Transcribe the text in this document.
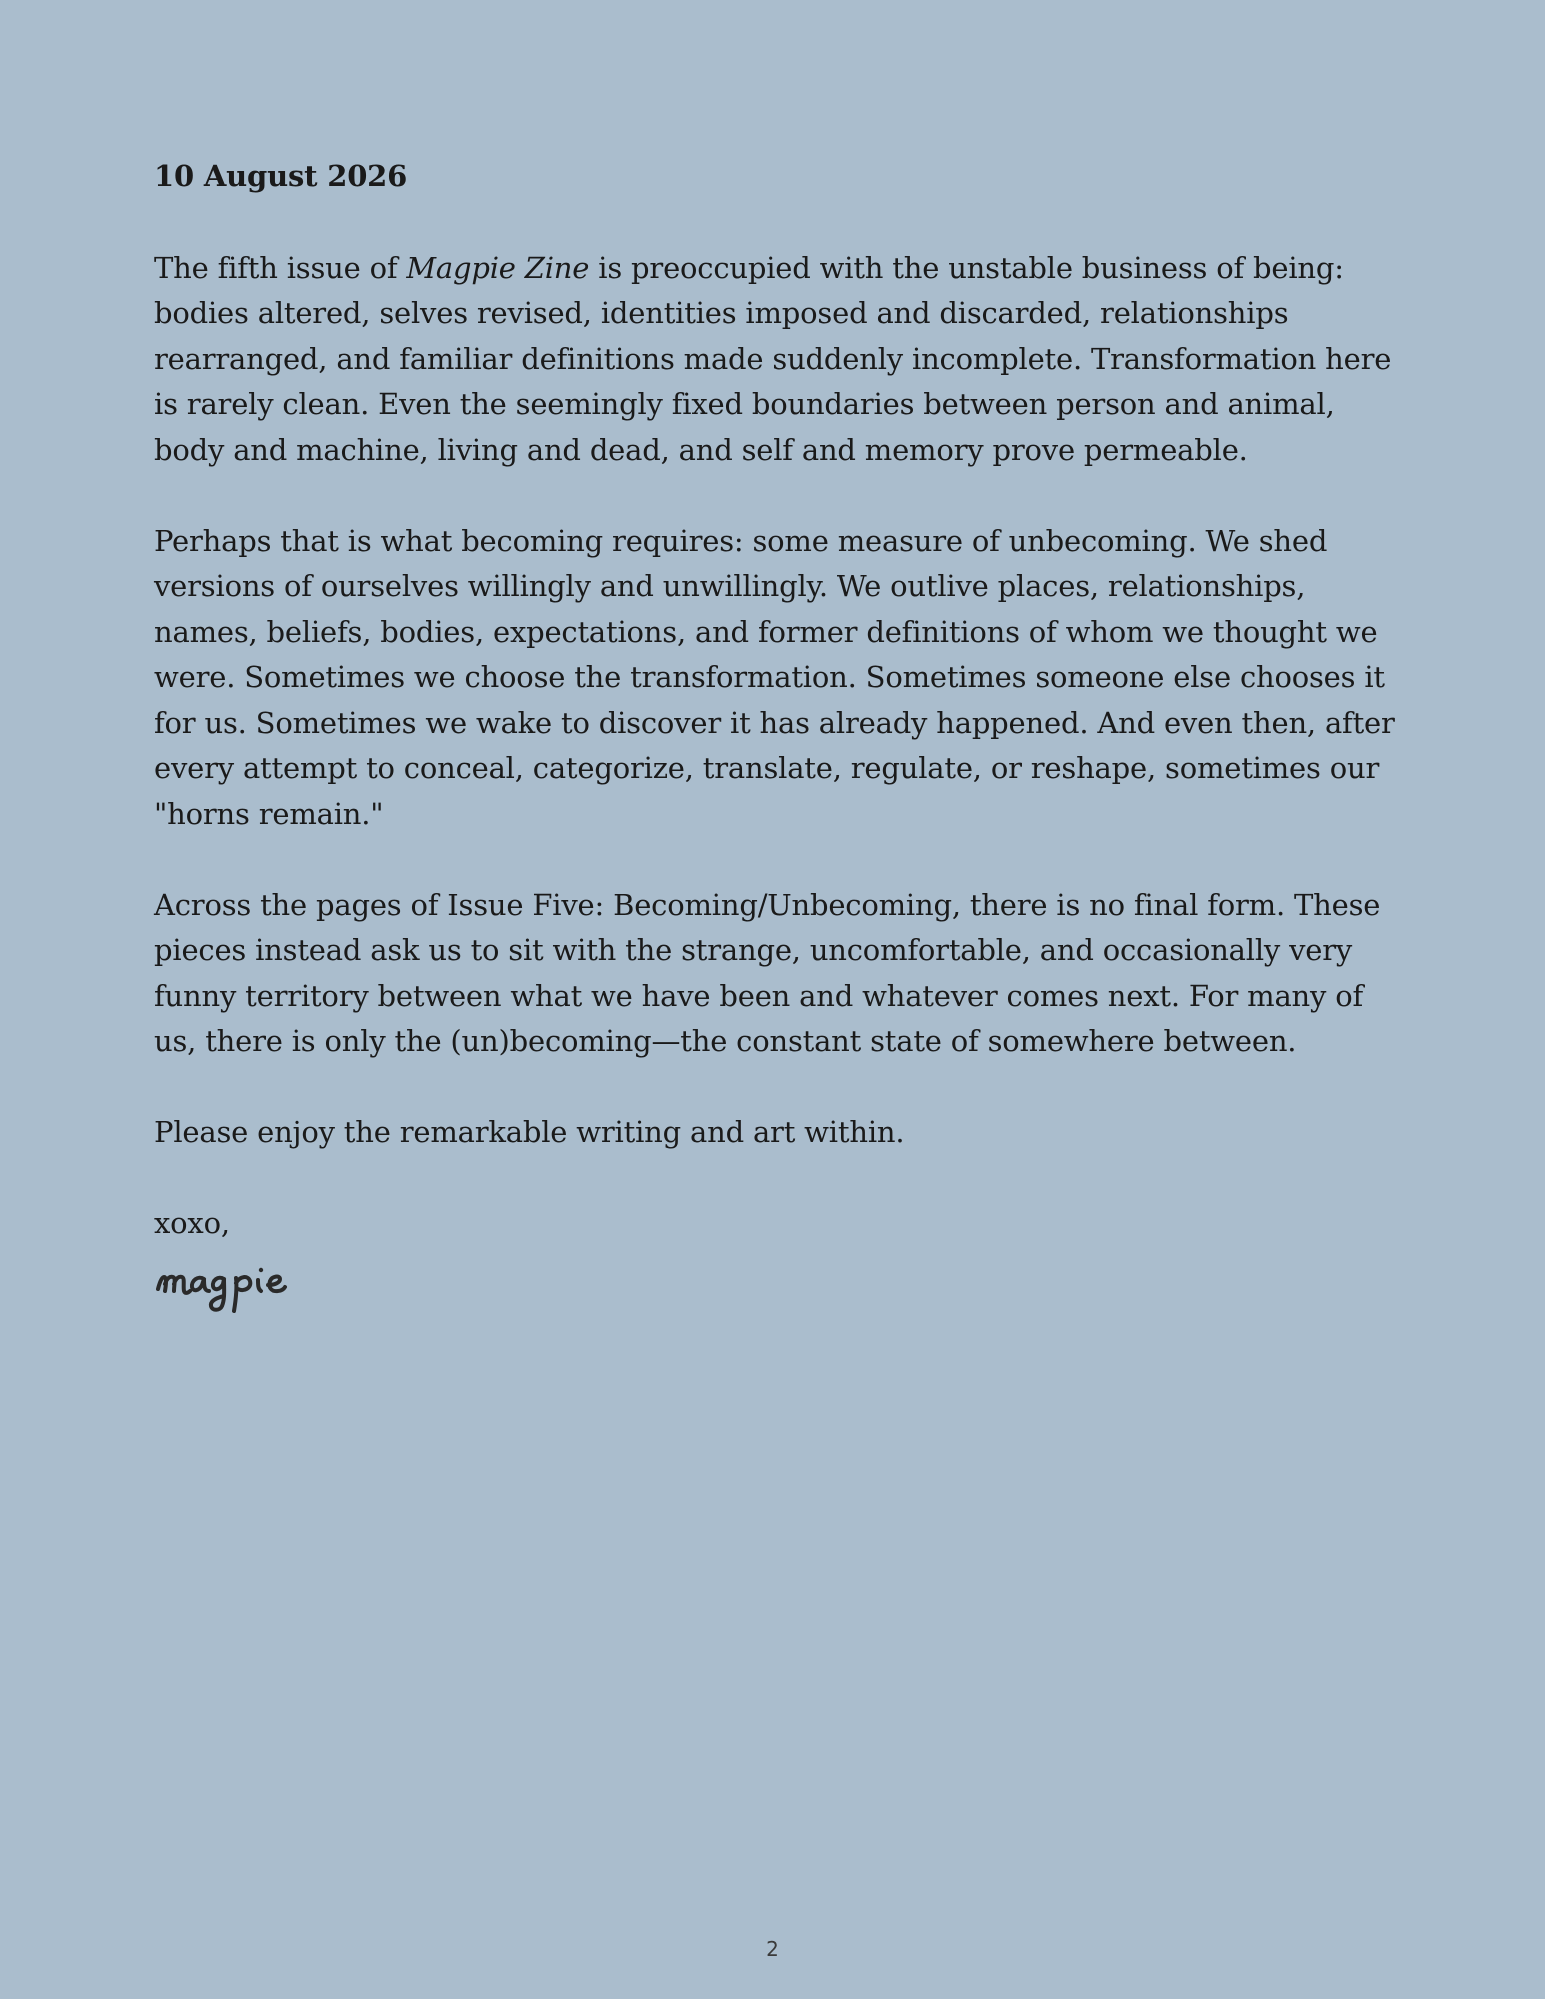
10 August 2026

The fifth issue of Magpie Zine is preoccupied with the unstable business of being: bodies altered, selves revised, identities imposed and discarded, relationships rearranged, and familiar definitions made suddenly incomplete. Transformation here is rarely clean. Even the seemingly fixed boundaries between person and animal, body and machine, living and dead, and self and memory prove permeable.

Perhaps that is what becoming requires: some measure of unbecoming. We shed versions of ourselves willingly and unwillingly. We outlive places, relationships, names, beliefs, bodies, expectations, and former definitions of whom we thought we were. Sometimes we choose the transformation. Sometimes someone else chooses it for us. Sometimes we wake to discover it has already happened. And even then, after every attempt to conceal, categorize, translate, regulate, or reshape, sometimes our "horns remain."

Across the pages of Issue Five: Becoming/Unbecoming, there is no final form. These pieces instead ask us to sit with the strange, uncomfortable, and occasionally very funny territory between what we have been and whatever comes next. For many of us, there is only the (un)becoming—the constant state of somewhere between.

Please enjoy the remarkable writing and art within.

xoxo,

2
